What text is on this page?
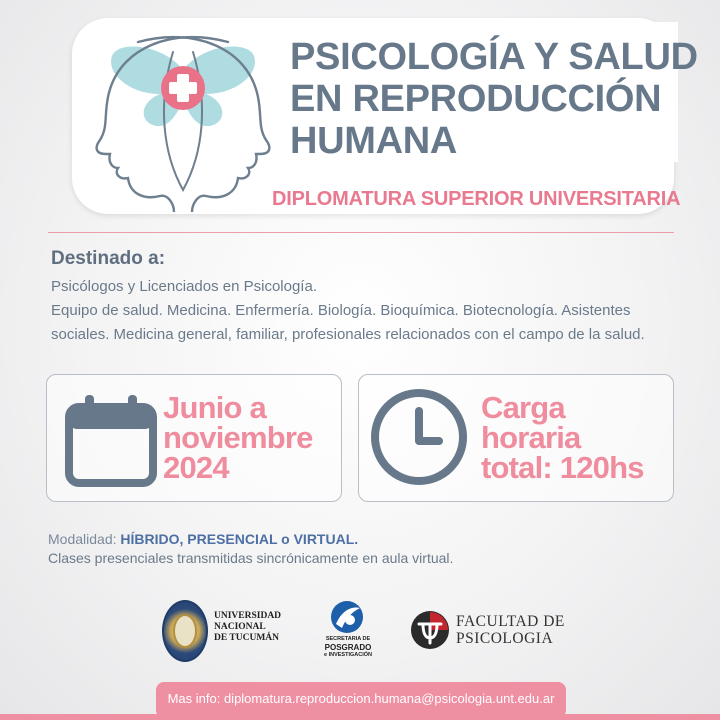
PSICOLOGÍA Y SALUD
EN REPRODUCCIÓN
HUMANA
DIPLOMATURA SUPERIOR UNIVERSITARIA
Destinado a:
Psicólogos y Licenciados en Psicología.
Equipo de salud. Medicina. Enfermería. Biología. Bioquímica. Biotecnología. Asistentes
sociales. Medicina general, familiar, profesionales relacionados con el campo de la salud.
Junio a
noviembre
2024
Carga
horaria
total: 120hs
Modalidad: HÍBRIDO, PRESENCIAL o VIRTUAL.
Clases presenciales transmitidas sincrónicamente en aula virtual.
UNIVERSIDAD
NACIONAL
DE TUCUMÁN	SECRETARIA DE
POSGRADO
e INVESTIGACIÓN
FACULTAD DE
PSICOLOGIA
Mas info: diplomatura.reproduccion.humana@psicologia.unt.edu.ar
